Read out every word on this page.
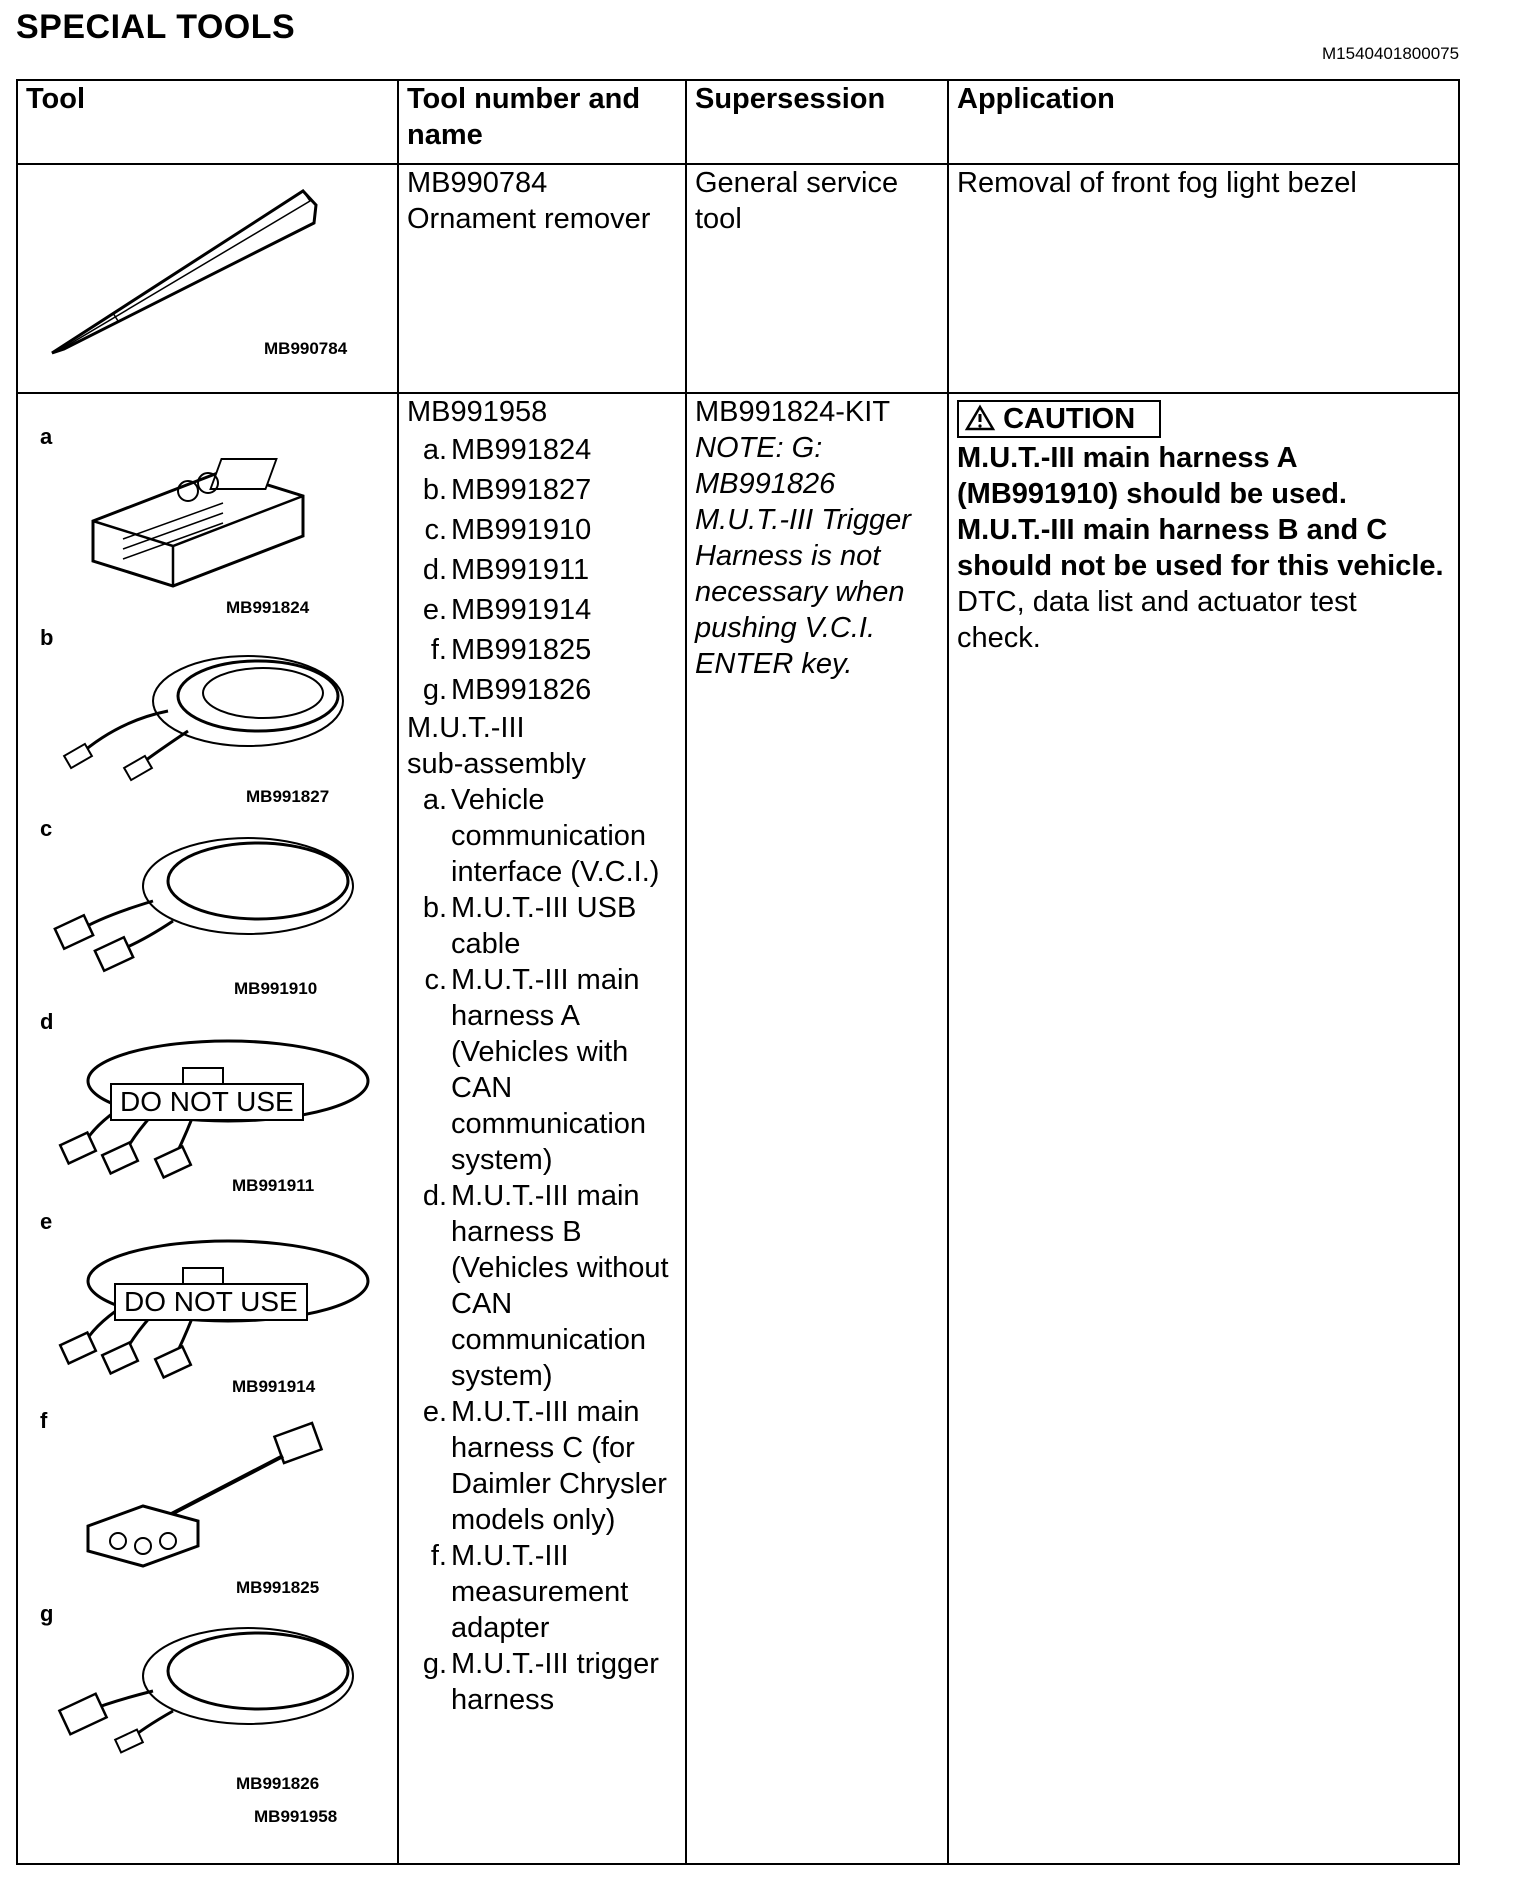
SPECIAL TOOLS
M1540401800075
Tool	Tool number and name
Supersession	Application
MB990784
MB990784
Ornament remover
General service tool
Removal of front fog light bezel
a
MB991824
b
MB991827
c
MB991910
d
DO NOT USE
MB991911
e
DO NOT USE
MB991914
f
MB991825
g
MB991826
MB991958
MB991958
a. MB991824
b. MB991827
c. MB991910
d. MB991911
e. MB991914
f. MB991825
g. MB991826
M.U.T.-III
sub-assembly
a. Vehicle communication interface (V.C.I.)
b. M.U.T.-III USB cable
c. M.U.T.-III main harness A (Vehicles with CAN communication system)
d. M.U.T.-III main harness B (Vehicles without CAN communication system)
e. M.U.T.-III main harness C (for Daimler Chrysler models only)
f. M.U.T.-III measurement adapter
g. M.U.T.-III trigger harness
MB991824-KIT
NOTE: G: MB991826 M.U.T.-III Trigger Harness is not necessary when pushing V.C.I. ENTER key.
CAUTION
M.U.T.-III main harness A (MB991910) should be used. M.U.T.-III main harness B and C should not be used for this vehicle.
DTC, data list and actuator test check.
